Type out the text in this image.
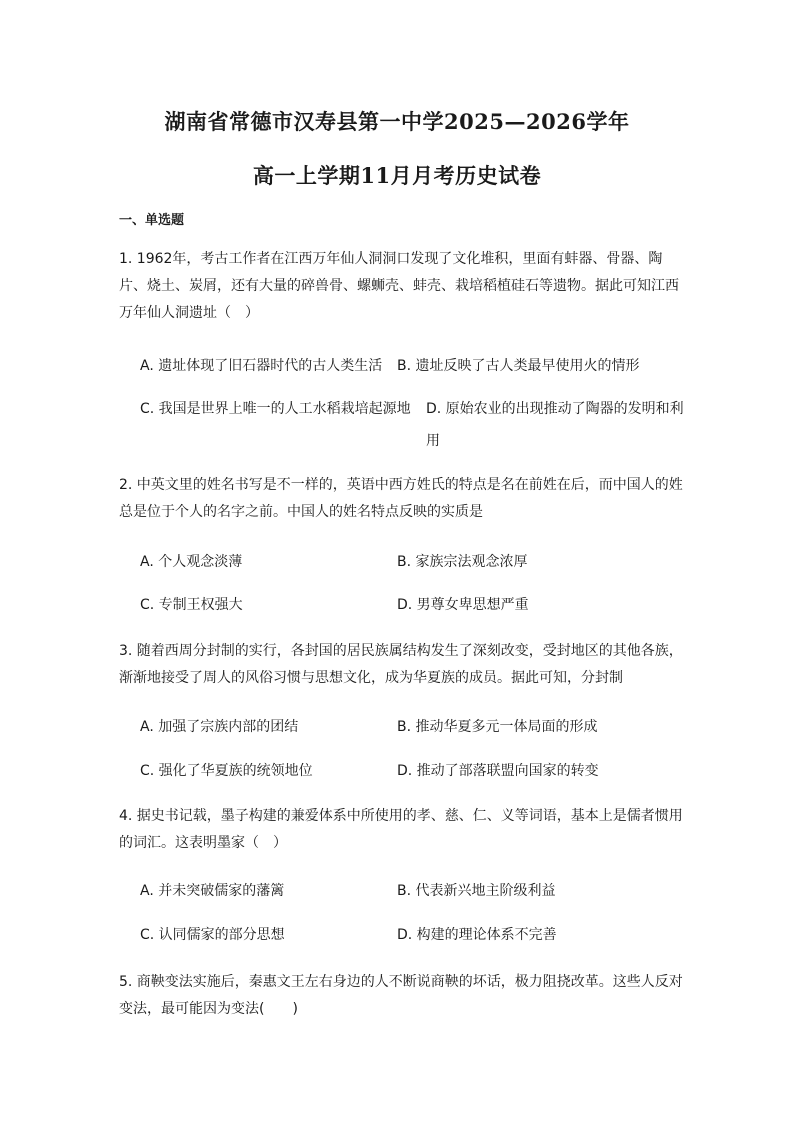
湖南省常德市汉寿县第一中学2025—2026学年
高一上学期11月月考历史试卷
一、单选题
1. 1962年，考古工作者在江西万年仙人洞洞口发现了文化堆积，里面有蚌器、骨器、陶片、烧土、炭屑，还有大量的碎兽骨、螺蛳壳、蚌壳、栽培稻植硅石等遗物。据此可知江西万年仙人洞遗址（　）
A. 遗址体现了旧石器时代的古人类生活 B. 遗址反映了古人类最早使用火的情形
C. 我国是世界上唯一的人工水稻栽培起源地 D. 原始农业的出现推动了陶器的发明和利用
2. 中英文里的姓名书写是不一样的，英语中西方姓氏的特点是名在前姓在后，而中国人的姓总是位于个人的名字之前。中国人的姓名特点反映的实质是
A. 个人观念淡薄	B. 家族宗法观念浓厚
C. 专制王权强大	D. 男尊女卑思想严重
3. 随着西周分封制的实行，各封国的居民族属结构发生了深刻改变，受封地区的其他各族，渐渐地接受了周人的风俗习惯与思想文化，成为华夏族的成员。据此可知，分封制
A. 加强了宗族内部的团结	B. 推动华夏多元一体局面的形成
C. 强化了华夏族的统领地位	D. 推动了部落联盟向国家的转变
4. 据史书记载，墨子构建的兼爱体系中所使用的孝、慈、仁、义等词语，基本上是儒者惯用的词汇。这表明墨家（　）
A. 并未突破儒家的藩篱	B. 代表新兴地主阶级利益
C. 认同儒家的部分思想	D. 构建的理论体系不完善
5. 商鞅变法实施后，秦惠文王左右身边的人不断说商鞅的坏话，极力阻挠改革。这些人反对变法，最可能因为变法(　　)
